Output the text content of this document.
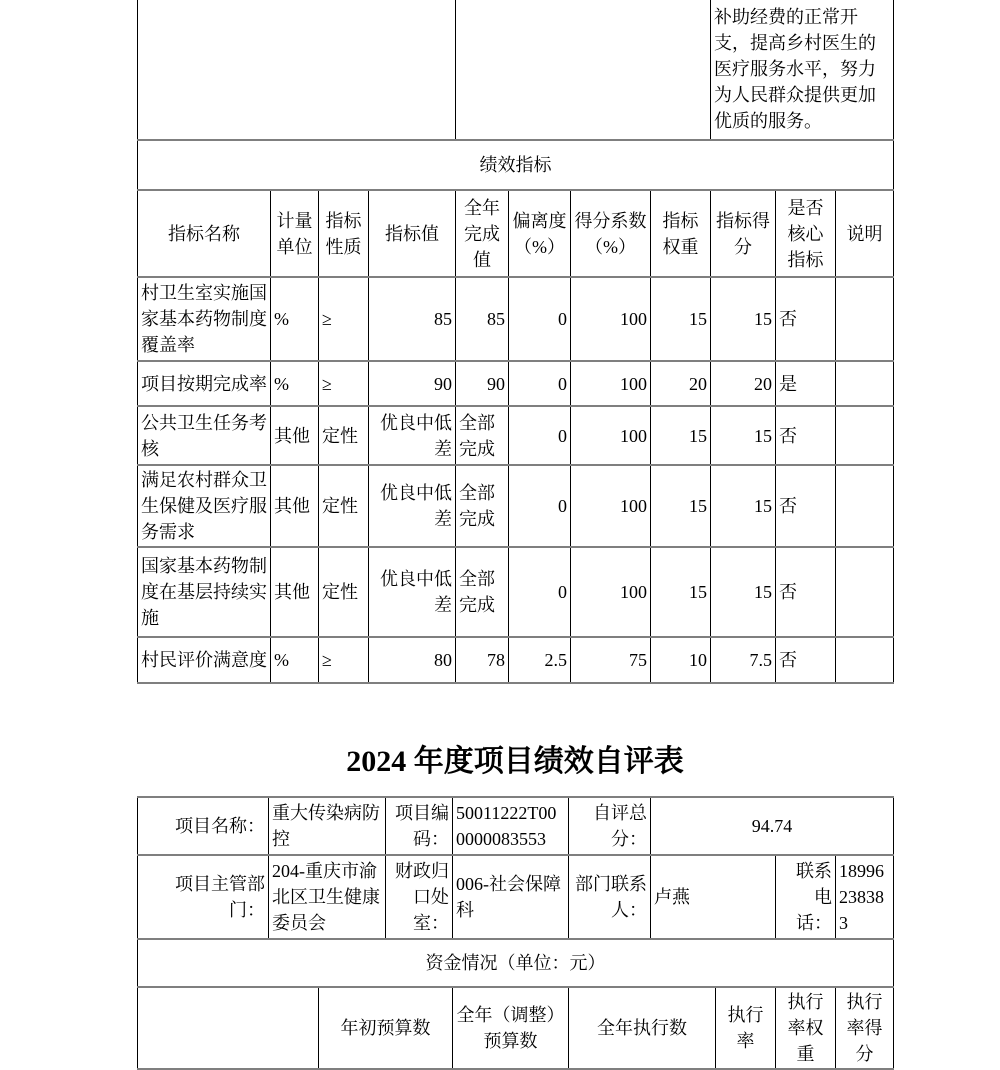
								补助经费的正常开支，提高乡村医生的医疗服务水平，努力为人民群众提供更加优质的服务。		
绩效指标										
指标名称	计量单位	指标性质	指标值	全年完成值	偏离度（%）	得分系数（%）	指标权重	指标得分	是否核心指标	说明
村卫生室实施国家基本药物制度覆盖率	%	≥	85	85	0	100	15	15	否	
项目按期完成率	%	≥	90	90	0	100	20	20	是	
公共卫生任务考核	其他	定性	优良中低差	全部完成	0	100	15	15	否	
满足农村群众卫生保健及医疗服务需求	其他	定性	优良中低差	全部完成	0	100	15	15	否	
国家基本药物制度在基层持续实施	其他	定性	优良中低差	全部完成	0	100	15	15	否	
村民评价满意度	%	≥	80	78	2.5	75	10	7.5	否	
2024 年度项目绩效自评表
项目名称：	重大传染病防控		项目编码：	50011222T000000083553	自评总分：	94.74			
项目主管部门：	204-重庆市渝北区卫生健康委员会		财政归口处室：	006-社会保障科	部门联系人：	卢燕		联系电话：	18996238383
资金情况（单位：元）									
		年初预算数		全年（调整）预算数	全年执行数		执行率	执行率权重	执行率得分
